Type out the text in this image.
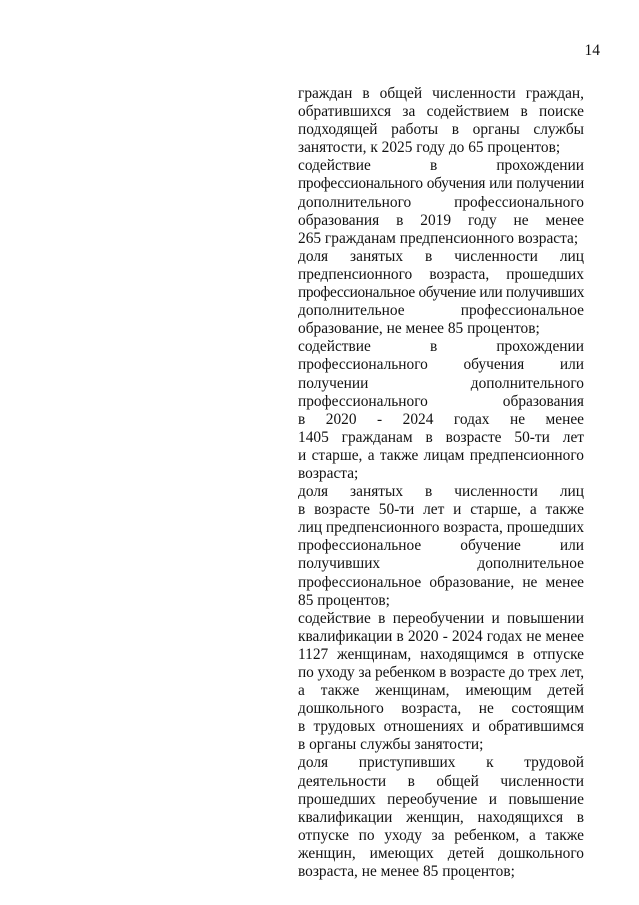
14
граждан в общей численности граждан,
обратившихся за содействием в поиске
подходящей работы в органы службы
занятости, к 2025 году до 65 процентов;
содействие в прохождении
профессионального обучения или получении
дополнительного профессионального
образования в 2019 году не менее
265 гражданам предпенсионного возраста;
доля занятых в численности лиц
предпенсионного возраста, прошедших
профессиональное обучение или получивших
дополнительное профессиональное
образование, не менее 85 процентов;
содействие в прохождении
профессионального обучения или
получении дополнительного
профессионального образования
в 2020 - 2024 годах не менее
1405 гражданам в возрасте 50-ти лет
и старше, а также лицам предпенсионного
возраста;
доля занятых в численности лиц
в возрасте 50-ти лет и старше, а также
лиц предпенсионного возраста, прошедших
профессиональное обучение или
получивших дополнительное
профессиональное образование, не менее
85 процентов;
содействие в переобучении и повышении
квалификации в 2020 - 2024 годах не менее
1127 женщинам, находящимся в отпуске
по уходу за ребенком в возрасте до трех лет,
а также женщинам, имеющим детей
дошкольного возраста, не состоящим
в трудовых отношениях и обратившимся
в органы службы занятости;
доля приступивших к трудовой
деятельности в общей численности
прошедших переобучение и повышение
квалификации женщин, находящихся в
отпуске по уходу за ребенком, а также
женщин, имеющих детей дошкольного
возраста, не менее 85 процентов;
